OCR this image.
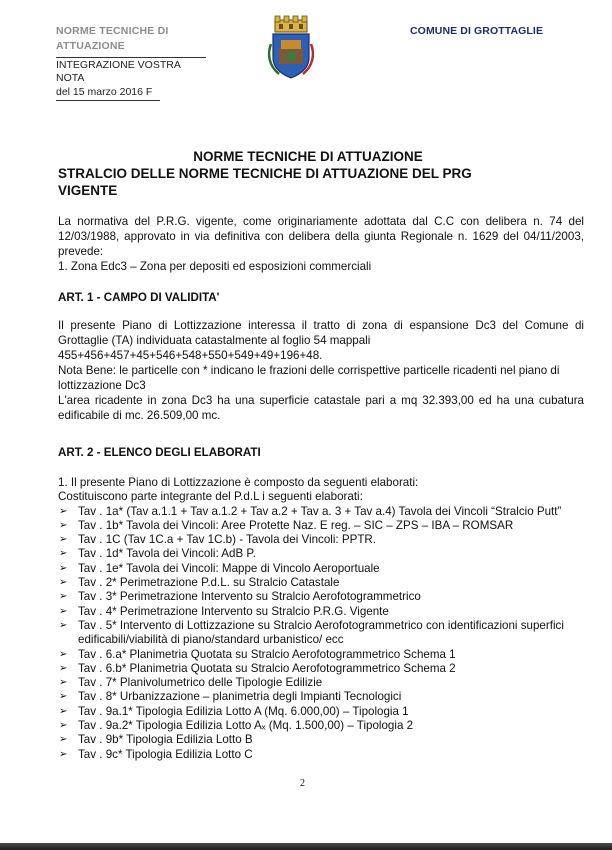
NORME TECNICHE DI
ATTUAZIONE
INTEGRAZIONE VOSTRA NOTA
del 15 marzo 2016 F
COMUNE DI GROTTAGLIE
NORME TECNICHE DI ATTUAZIONE
STRALCIO DELLE NORME TECNICHE DI ATTUAZIONE DEL PRG
VIGENTE

La normativa del P.R.G. vigente, come originariamente adottata dal C.C con delibera n. 74 del 12/03/1988, approvato in via definitiva con delibera della giunta Regionale n. 1629 del 04/11/2003, prevede:

1. Zona Edc3 – Zona per depositi ed esposizioni commerciali

ART. 1 - CAMPO DI VALIDITA'

Il presente Piano di Lottizzazione interessa il tratto di zona di espansione Dc3 del Comune di Grottaglie (TA) individuata catastalmente al foglio 54 mappali

455+456+457+45+546+548+550+549+49+196+48.

Nota Bene: le particelle con * indicano le frazioni delle corrispettive particelle ricadenti nel piano di lottizzazione Dc3

L'area ricadente in zona Dc3 ha una superficie catastale pari a mq 32.393,00 ed ha una cubatura edificabile di mc. 26.509,00 mc.

ART. 2 - ELENCO DEGLI ELABORATI

1. Il presente Piano di Lottizzazione è composto da seguenti elaborati:

Costituiscono parte integrante del P.d.L i seguenti elaborati:

➢ Tav . 1a* (Tav a.1.1 + Tav a.1.2 + Tav a.2 + Tav a. 3 + Tav a.4) Tavola dei Vincoli “Stralcio Putt”
➢ Tav . 1b* Tavola dei Vincoli: Aree Protette Naz. E reg. – SIC – ZPS – IBA – ROMSAR
➢ Tav . 1C (Tav 1C.a + Tav 1C.b) - Tavola dei Vincoli: PPTR.
➢ Tav . 1d* Tavola dei Vincoli: AdB P.
➢ Tav . 1e* Tavola dei Vincoli: Mappe di Vincolo Aeroportuale
➢ Tav . 2* Perimetrazione P.d.L. su Stralcio Catastale
➢ Tav . 3* Perimetrazione Intervento su Stralcio Aerofotogrammetrico
➢ Tav . 4* Perimetrazione Intervento su Stralcio P.R.G. Vigente
➢ Tav . 5* Intervento di Lottizzazione su Stralcio Aerofotogrammetrico con identificazioni superfici edificabili/viabilità di piano/standard urbanistico/ ecc
➢ Tav . 6.a* Planimetria Quotata su Stralcio Aerofotogrammetrico Schema 1
➢ Tav . 6.b* Planimetria Quotata su Stralcio Aerofotogrammetrico Schema 2
➢ Tav . 7* Planivolumetrico delle Tipologie Edilizie
➢ Tav . 8* Urbanizzazione – planimetria degli Impianti Tecnologici
➢ Tav . 9a.1* Tipologia Edilizia Lotto A (Mq. 6.000,00) – Tipologia 1
➢ Tav . 9a.2* Tipologia Edilizia Lotto Aₓ (Mq. 1.500,00) – Tipologia 2
➢ Tav . 9b* Tipologia Edilizia Lotto B
➢ Tav . 9c* Tipologia Edilizia Lotto C
2
